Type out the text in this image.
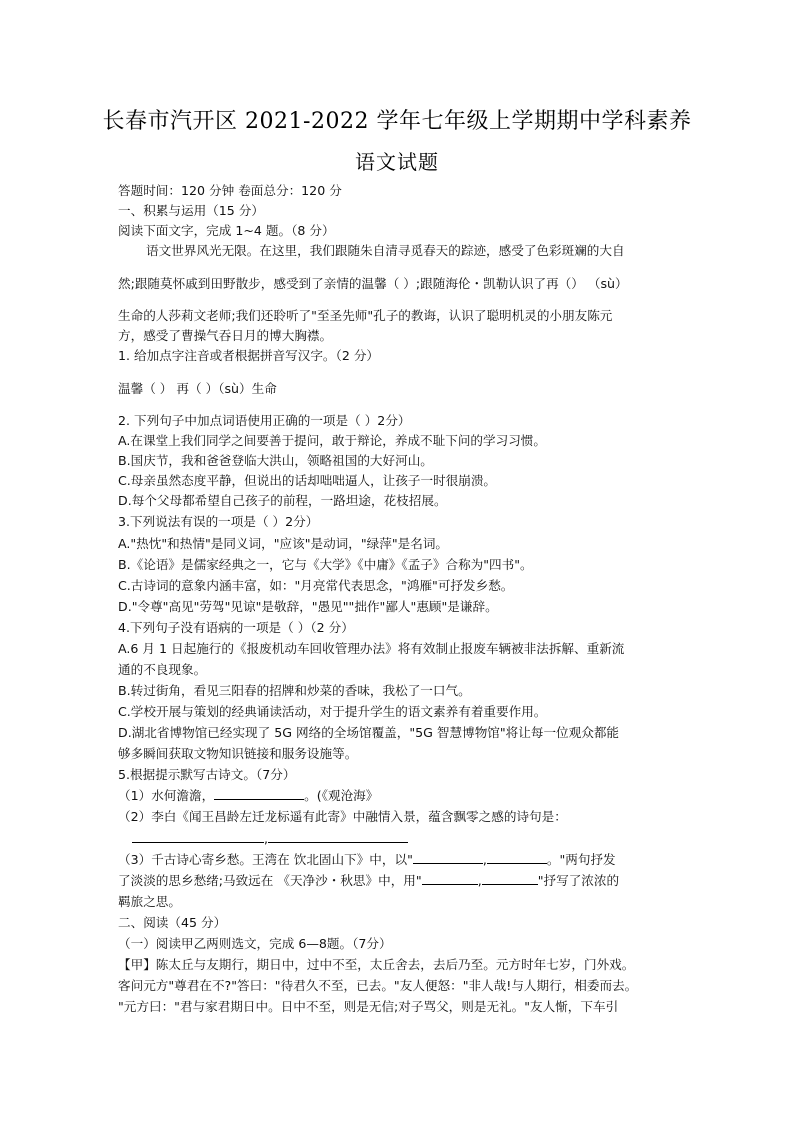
长春市汽开区 2021-2022 学年七年级上学期期中学科素养
语文试题
答题时间：120 分钟 卷面总分：120 分
一、积累与运用（15 分）
阅读下面文字，完成 1~4 题。（8 分）
语文世界风光无限。在这里，我们跟随朱自清寻觅春天的踪迹，感受了色彩斑斓的大自
然;跟随莫怀戚到田野散步，感受到了亲情的温馨（ ）;跟随海伦・凯勒认识了再（） （sù）
生命的人莎莉文老师;我们还聆听了"至圣先师"孔子的教诲，认识了聪明机灵的小朋友陈元
方，感受了曹操气吞日月的博大胸襟。
1. 给加点字注音或者根据拼音写汉字。（2 分）
温馨（ ） 再（ ）（sù）生命
2. 下列句子中加点词语使用正确的一项是（ ）2分）
A.在课堂上我们同学之间要善于提问，敢于辩论，养成不耻下问的学习习惯。
B.国庆节，我和爸爸登临大洪山，领略祖国的大好河山。
C.母亲虽然态度平静，但说出的话却咄咄逼人，让孩子一时很崩溃。
D.每个父母都希望自己孩子的前程，一路坦途，花枝招展。
3.下列说法有误的一项是（ ）2分）
A."热忱"和热情"是同义词，"应该"是动词，"绿萍"是名词。
B.《论语》是儒家经典之一，它与《大学》《中庸》《孟子》合称为"四书"。
C.古诗词的意象内涵丰富，如："月亮常代表思念，"鸿雁"可抒发乡愁。
D."令尊"高见"劳驾"见谅"是敬辞，"愚见""拙作"鄙人"惠顾"是谦辞。
4.下列句子没有语病的一项是（ ）（2 分）
A.6 月 1 日起施行的《报废机动车回收管理办法》将有效制止报废车辆被非法拆解、重新流
通的不良现象。
B.转过街角，看见三阳春的招牌和炒菜的香味，我松了一口气。
C.学校开展与策划的经典诵读活动，对于提升学生的语文素养有着重要作用。
D.湖北省博物馆已经实现了 5G 网络的全场馆覆盖，"5G 智慧博物馆"将让每一位观众都能
够多瞬间获取文物知识链接和服务设施等。
5.根据提示默写古诗文。（7分）
（1）水何澹澹，	。(《观沧海》
（2）李白《闻王昌龄左迁龙标遥有此寄》中融情入景，蕴含飘零之感的诗句是：
,
（3）千古诗心寄乡愁。王湾在 饮北固山下》中，以"	,	。"两句抒发
了淡淡的思乡愁绪;马致远在 《天净沙・秋思》中，用"	,	"抒写了浓浓的
羁旅之思。
二、阅读（45 分）
（一）阅读甲乙两则选文，完成 6—8题。（7分）
【甲】陈太丘与友期行，期日中，过中不至，太丘舍去，去后乃至。元方时年七岁，门外戏。
客问元方"尊君在不?"答曰："待君久不至，已去。"友人便怒："非人哉!与人期行，相委而去。
"元方曰："君与家君期日中。日中不至，则是无信;对子骂父，则是无礼。"友人惭，下车引
